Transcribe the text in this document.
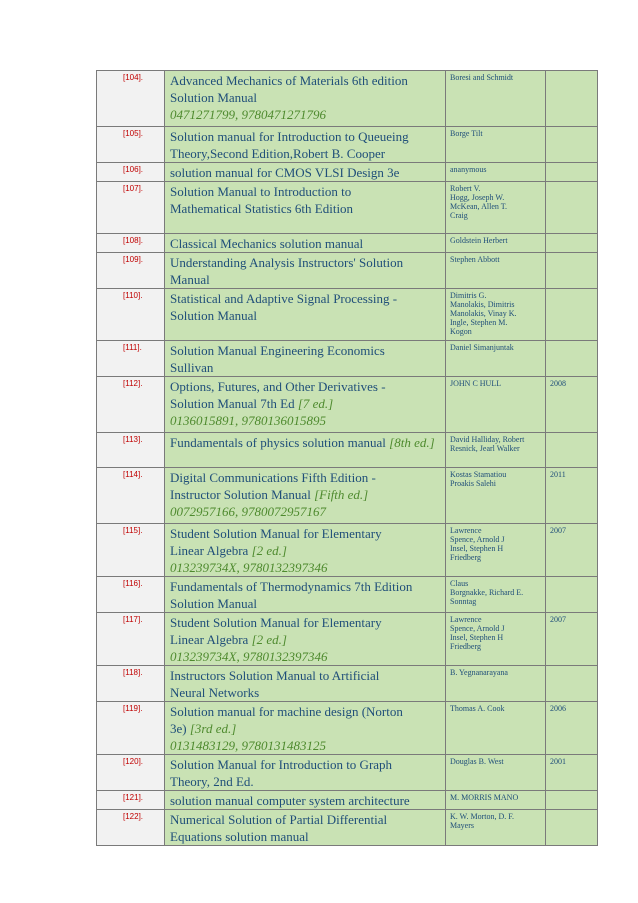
[104].	Advanced Mechanics of Materials 6th edition
Solution Manual
0471271799, 9780471271796	Boresi and Schmidt	

[105].	Solution manual for Introduction to Queueing
Theory,Second Edition,Robert B. Cooper	Borge Tilt	

[106].	solution manual for CMOS VLSI Design 3e	ananymous	

[107].	Solution Manual to Introduction to
Mathematical Statistics 6th Edition	Robert V.
Hogg, Joseph W.
McKean, Allen T.
Craig	

[108].	Classical Mechanics solution manual	Goldstein Herbert	

[109].	Understanding Analysis Instructors' Solution
Manual	Stephen Abbott	

[110].	Statistical and Adaptive Signal Processing -
Solution Manual	Dimitris G.
Manolakis, Dimitris
Manolakis, Vinay K.
Ingle, Stephen M.
Kogon	

[111].	Solution Manual Engineering Economics
Sullivan	Daniel Simanjuntak	

[112].	Options, Futures, and Other Derivatives -
Solution Manual 7th Ed [7 ed.]
0136015891, 9780136015895	JOHN C HULL	2008
[113].	Fundamentals of physics solution manual [8th ed.]	David Halliday, Robert
Resnick, Jearl Walker	

[114].	Digital Communications Fifth Edition -
Instructor Solution Manual [Fifth ed.]
0072957166, 9780072957167	Kostas Stamatiou
Proakis Salehi	2011
[115].	Student Solution Manual for Elementary
Linear Algebra [2 ed.]
013239734X, 9780132397346	Lawrence
Spence, Arnold J
Insel, Stephen H
Friedberg	2007
[116].	Fundamentals of Thermodynamics 7th Edition
Solution Manual	Claus
Borgnakke, Richard E.
Sonntag	

[117].	Student Solution Manual for Elementary
Linear Algebra [2 ed.]
013239734X, 9780132397346	Lawrence
Spence, Arnold J
Insel, Stephen H
Friedberg	2007
[118].	Instructors Solution Manual to Artificial
Neural Networks	B. Yegnanarayana	

[119].	Solution manual for machine design (Norton
3e) [3rd ed.]
0131483129, 9780131483125	Thomas A. Cook	2006
[120].	Solution Manual for Introduction to Graph
Theory, 2nd Ed.	Douglas B. West	2001
[121].	solution manual computer system architecture	M. MORRIS MANO	

[122].	Numerical Solution of Partial Differential
Equations solution manual	K. W. Morton, D. F.
Mayers	
